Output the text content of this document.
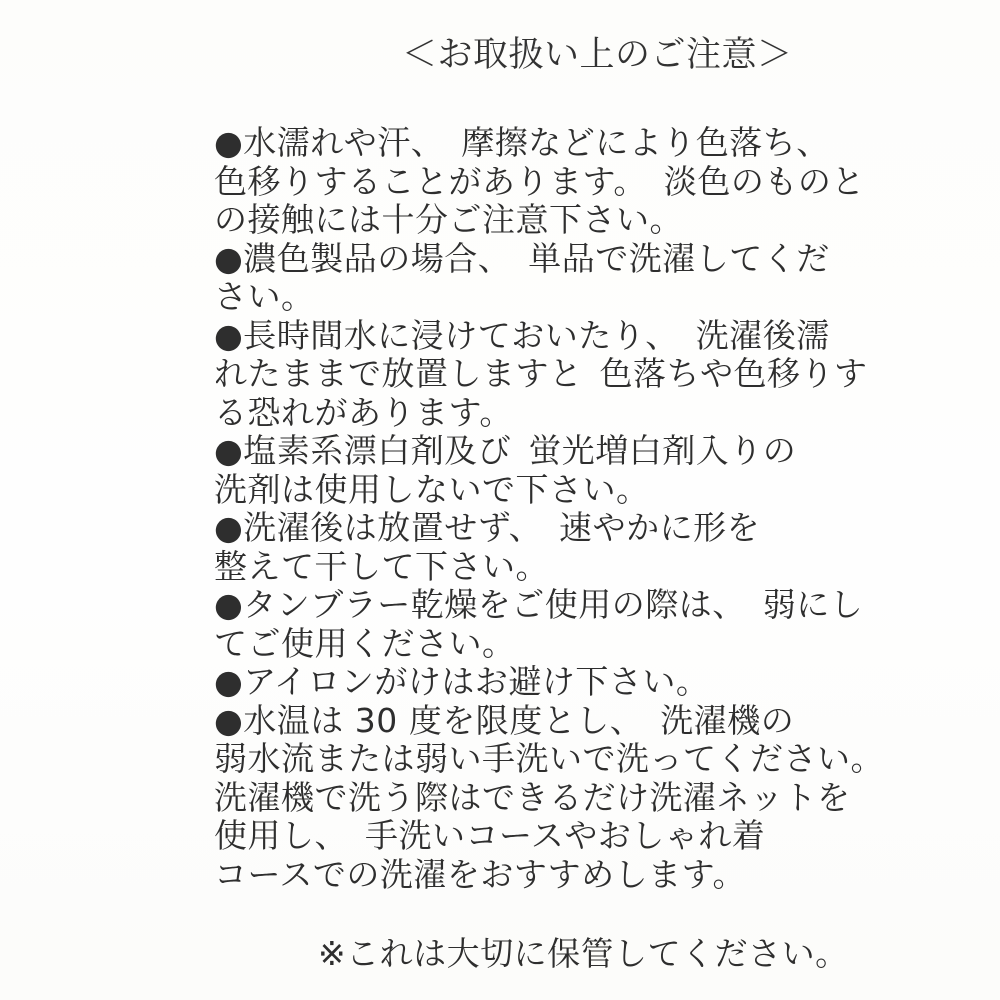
＜お取扱い上のご注意＞
●水濡れや汗、 摩擦などにより色落ち、
色移りすることがあります。 淡色のものと
の接触には十分ご注意下さい。
●濃色製品の場合、 単品で洗濯してくだ
さい。
●長時間水に浸けておいたり、 洗濯後濡
れたままで放置しますと 色落ちや色移りす
る恐れがあります。
●塩素系漂白剤及び 蛍光増白剤入りの
洗剤は使用しないで下さい。
●洗濯後は放置せず、 速やかに形を
整えて干して下さい。
●タンブラー乾燥をご使用の際は、 弱にし
てご使用ください。
●アイロンがけはお避け下さい。
●水温は 30 度を限度とし、 洗濯機の
弱水流または弱い手洗いで洗ってください。
洗濯機で洗う際はできるだけ洗濯ネットを
使用し、 手洗いコースやおしゃれ着
コースでの洗濯をおすすめします。
※これは大切に保管してください。
